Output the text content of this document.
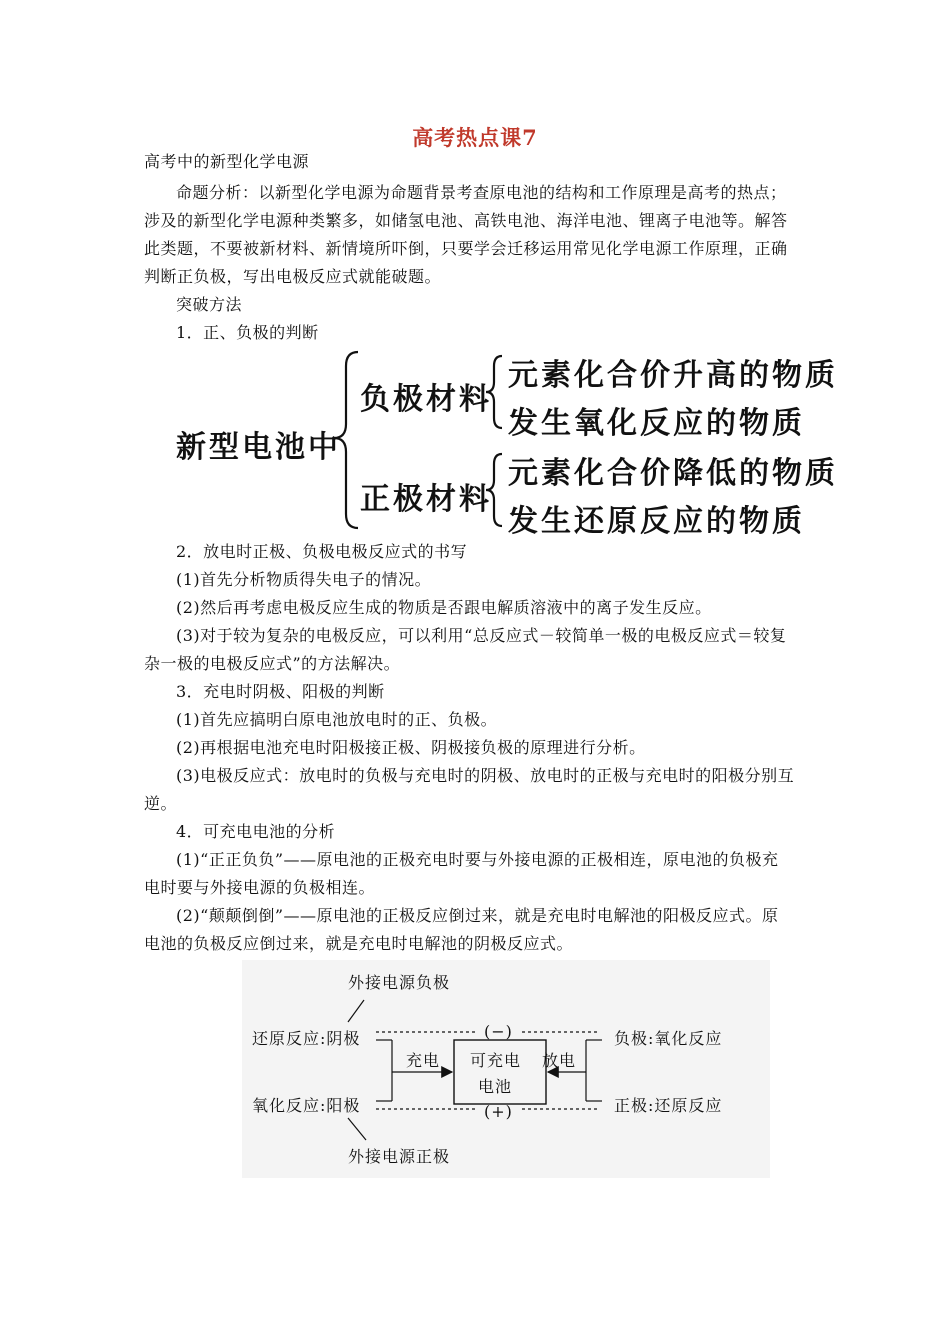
高考热点课7
高考中的新型化学电源
命题分析：以新型化学电源为命题背景考查原电池的结构和工作原理是高考的热点；
涉及的新型化学电源种类繁多，如储氢电池、高铁电池、海洋电池、锂离子电池等。解答
此类题，不要被新材料、新情境所吓倒，只要学会迁移运用常见化学电源工作原理，正确
判断正负极，写出电极反应式就能破题。
突破方法
1．正、负极的判断
新型电池中
负极材料
元素化合价升高的物质
发生氧化反应的物质
正极材料
元素化合价降低的物质
发生还原反应的物质
2．放电时正极、负极电极反应式的书写
(1)首先分析物质得失电子的情况。
(2)然后再考虑电极反应生成的物质是否跟电解质溶液中的离子发生反应。
(3)对于较为复杂的电极反应，可以利用“总反应式－较简单一极的电极反应式＝较复
杂一极的电极反应式”的方法解决。
3．充电时阴极、阳极的判断
(1)首先应搞明白原电池放电时的正、负极。
(2)再根据电池充电时阳极接正极、阴极接负极的原理进行分析。
(3)电极反应式：放电时的负极与充电时的阴极、放电时的正极与充电时的阳极分别互
逆。
4．可充电电池的分析
(1)“正正负负”——原电池的正极充电时要与外接电源的正极相连，原电池的负极充
电时要与外接电源的负极相连。
(2)“颠颠倒倒”——原电池的正极反应倒过来，就是充电时电解池的阳极反应式。原
电池的负极反应倒过来，就是充电时电解池的阴极反应式。
外接电源负极
外接电源正极
还原反应:阴极
氧化反应:阳极
负极:氧化反应
正极:还原反应
充电	放电
可充电
电池
(−)
(+)
